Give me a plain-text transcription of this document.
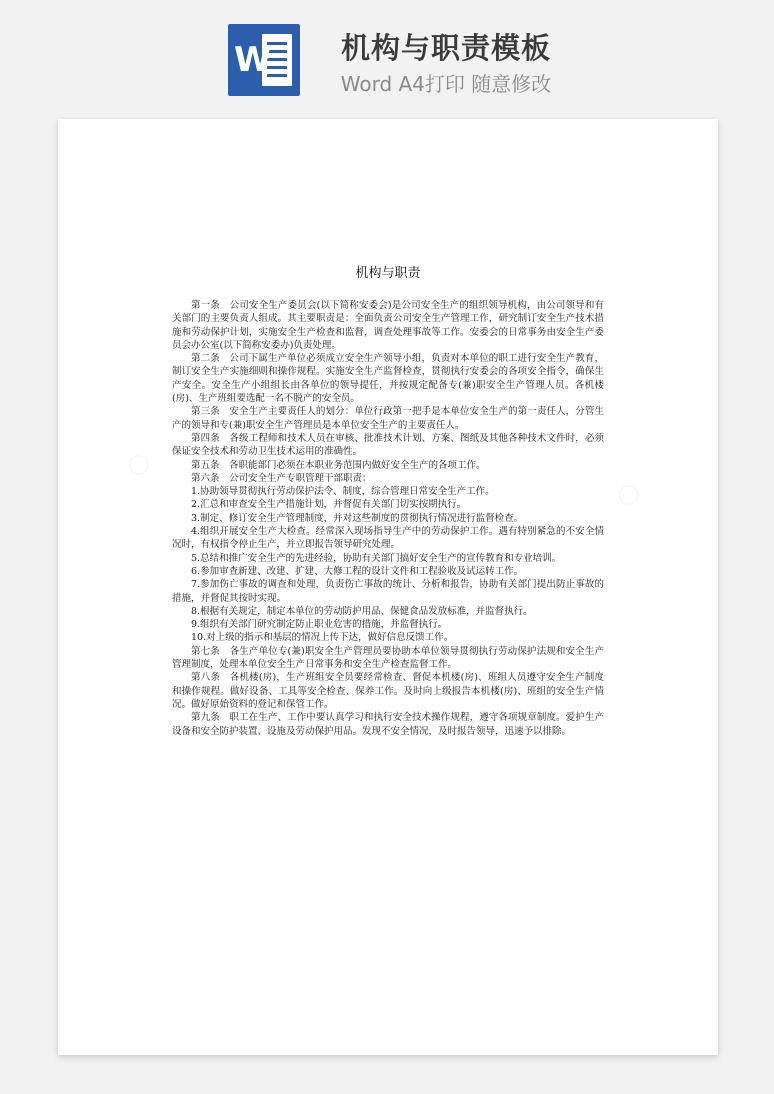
W	机构与职责模板
Word A4打印 随意修改
○
○
机构与职责

第一条　公司安全生产委员会(以下简称安委会)是公司安全生产的组织领导机构，由公司领导和有关部门的主要负责人组成。其主要职责是：全面负责公司安全生产管理工作，研究制订安全生产技术措施和劳动保护计划，实施安全生产检查和监督，调查处理事故等工作。安委会的日常事务由安全生产委员会办公室(以下简称安委办)负责处理。

第二条　公司下属生产单位必须成立安全生产领导小组，负责对本单位的职工进行安全生产教育，制订安全生产实施细则和操作规程。实施安全生产监督检查，贯彻执行安委会的各项安全指令，确保生产安全。安全生产小组组长由各单位的领导提任，并按规定配备专(兼)职安全生产管理人员。各机楼(房)、生产班组要选配一名不脱产的安全员。

第三条　安全生产主要责任人的划分：单位行政第一把手是本单位安全生产的第一责任人，分管生产的领导和专(兼)职安全生产管理员是本单位安全生产的主要责任人。

第四条　各级工程师和技术人员在审核、批准技术计划、方案、图纸及其他各种技术文件时，必须保证安全技术和劳动卫生技术运用的准确性。

第五条　各职能部门必须在本职业务范围内做好安全生产的各项工作。

第六条　公司安全生产专职管理干部职责：

1.协助领导贯彻执行劳动保护法令、制度，综合管理日常安全生产工作。

2.汇总和审查安全生产措施计划，并督促有关部门切实按期执行。

3.制定、修订安全生产管理制度，并对这些制度的贯彻执行情况进行监督检查。

4.组织开展安全生产大检查。经常深入现场指导生产中的劳动保护工作。遇有特别紧急的不安全情况时，有权指令停止生产，并立即报告领导研究处理。

5.总结和推广安全生产的先进经验，协助有关部门搞好安全生产的宣传教育和专业培训。

6.参加审查新建、改建、扩建、大修工程的设计文件和工程验收及试运转工作。

7.参加伤亡事故的调查和处理，负责伤亡事故的统计、分析和报告，协助有关部门提出防止事故的措施，并督促其按时实现。

8.根据有关规定，制定本单位的劳动防护用品、保健食品发放标准，并监督执行。

9.组织有关部门研究制定防止职业危害的措施，并监督执行。

10.对上级的指示和基层的情况上传下达，做好信息反馈工作。

第七条　各生产单位专(兼)职安全生产管理员要协助本单位领导贯彻执行劳动保护法规和安全生产管理制度，处理本单位安全生产日常事务和安全生产检查监督工作。

第八条　各机楼(房)，生产班组安全员要经常检查、督促本机楼(房)、班组人员遵守安全生产制度和操作规程。做好设备、工具等安全检查、保养工作。及时向上级报告本机楼(房)、班组的安全生产情况。做好原始资料的登记和保管工作。

第九条　职工在生产、工作中要认真学习和执行安全技术操作规程，遵守各项规章制度。爱护生产设备和安全防护装置、设施及劳动保护用品。发现不安全情况，及时报告领导，迅速予以排除。
